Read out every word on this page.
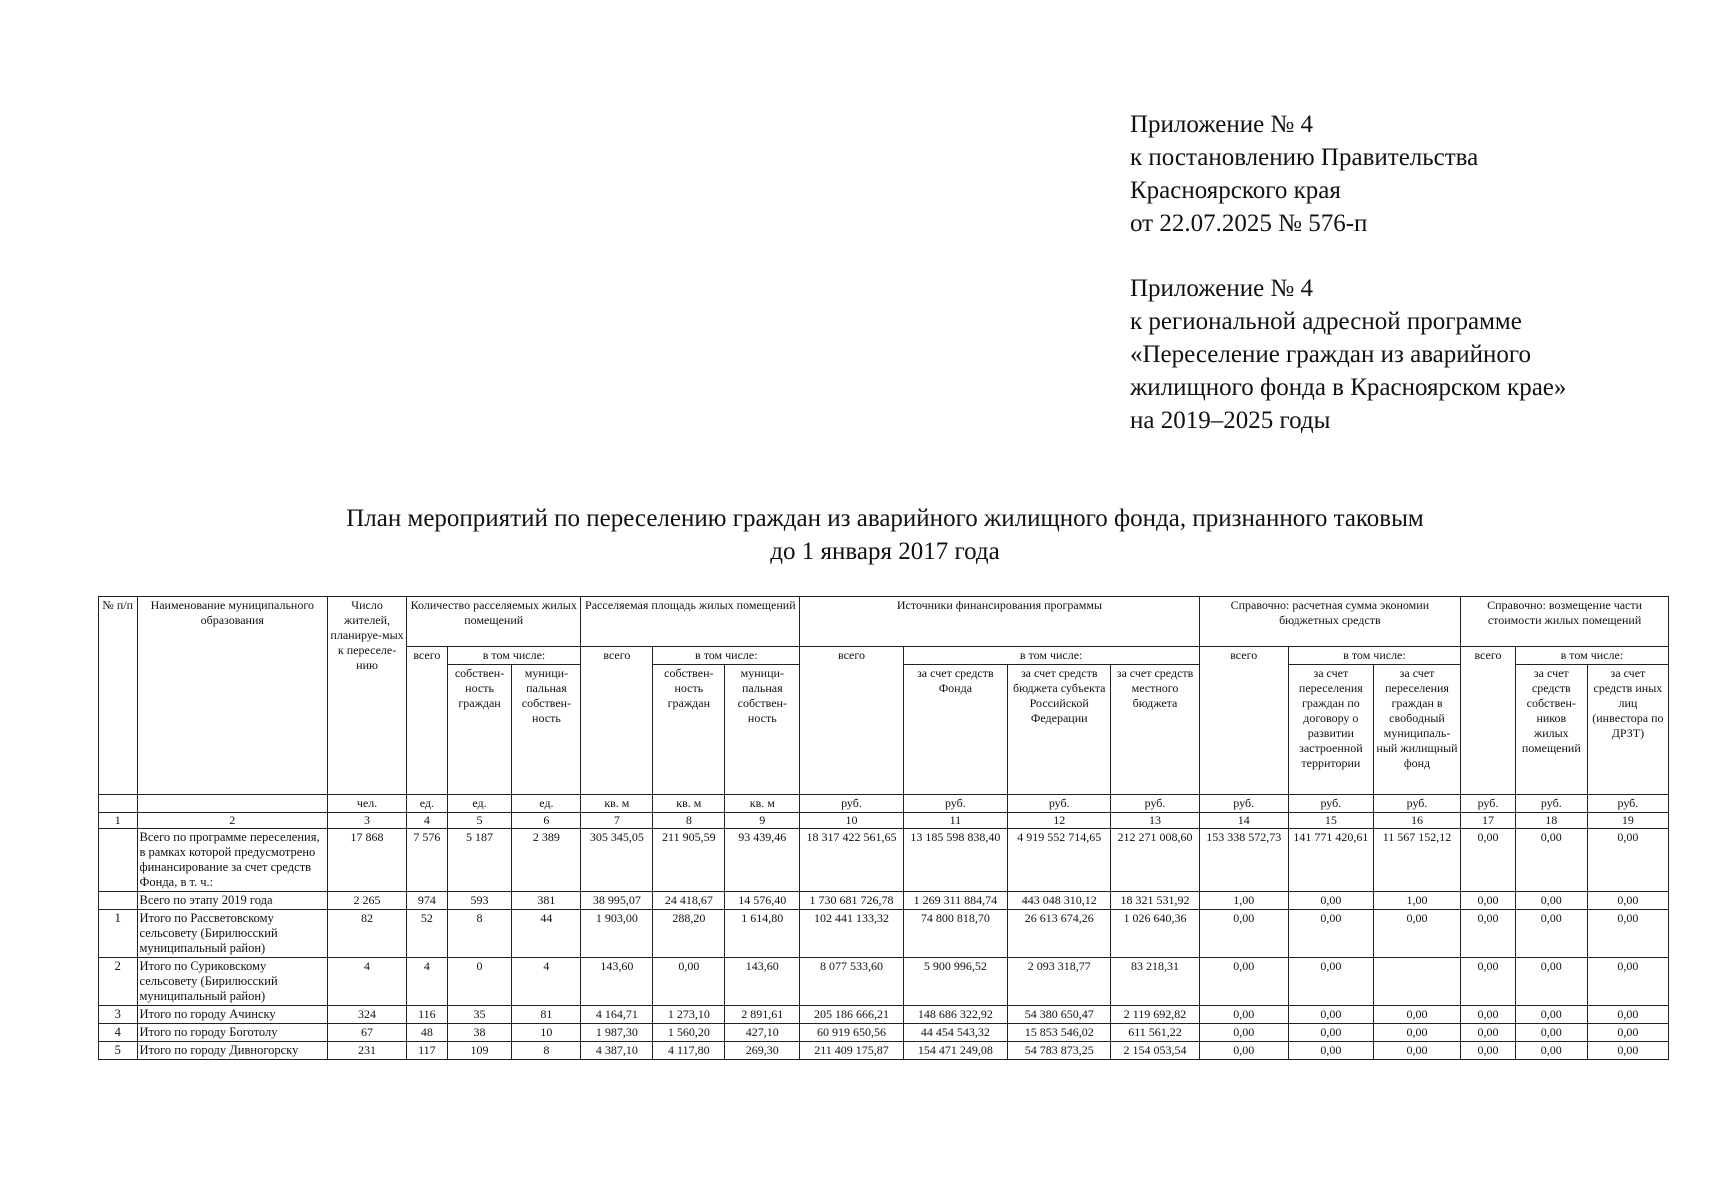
Приложение № 4
к постановлению Правительства
Красноярского края
от 22.07.2025 № 576-п
Приложение № 4
к региональной адресной программе
«Переселение граждан из аварийного
жилищного фонда в Красноярском крае»
на 2019–2025 годы
План мероприятий по переселению граждан из аварийного жилищного фонда, признанного таковым
до 1 января 2017 года
№ п/п	Наименование муниципального образования	Число жителей, планируе-мых к переселе-нию	Количество расселяемых жилых помещений			Расселяемая площадь жилых помещений			Источники финансирования программы				Справочно: расчетная сумма экономии бюджетных средств			Справочно: возмещение части стоимости жилых помещений		
			всего	в том числе:		всего	в том числе:		всего	в том числе:			всего	в том числе:		всего	в том числе:	
				собствен-ность граждан	муници-пальная собствен-ность		собствен-ность граждан	муници-пальная собствен-ность		за счет средств Фонда	за счет средств бюджета субъекта Российской Федерации	за счет средств местного бюджета		за счет переселения граждан по договору о развитии застроенной территории	за счет переселения граждан в свободный муниципаль-ный жилищный фонд		за счет средств собствен-ников жилых помещений	за счет средств иных лиц (инвестора по ДРЗТ)
		чел.	ед.	ед.	ед.	кв. м	кв. м	кв. м	руб.	руб.	руб.	руб.	руб.	руб.	руб.	руб.	руб.	руб.
1	2	3	4	5	6	7	8	9	10	11	12	13	14	15	16	17	18	19
	Всего по программе переселения, в рамках которой предусмотрено финансирование за счет средств Фонда, в т. ч.:	17 868	7 576	5 187	2 389	305 345,05	211 905,59	93 439,46	18 317 422 561,65	13 185 598 838,40	4 919 552 714,65	212 271 008,60	153 338 572,73	141 771 420,61	11 567 152,12	0,00	0,00	0,00
	Всего по этапу 2019 года	2 265	974	593	381	38 995,07	24 418,67	14 576,40	1 730 681 726,78	1 269 311 884,74	443 048 310,12	18 321 531,92	1,00	0,00	1,00	0,00	0,00	0,00
1	Итого по Рассветовскому сельсовету (Бирилюсский муниципальный район)	82	52	8	44	1 903,00	288,20	1 614,80	102 441 133,32	74 800 818,70	26 613 674,26	1 026 640,36	0,00	0,00	0,00	0,00	0,00	0,00
2	Итого по Суриковскому сельсовету (Бирилюсский муниципальный район)	4	4	0	4	143,60	0,00	143,60	8 077 533,60	5 900 996,52	2 093 318,77	83 218,31	0,00	0,00		0,00	0,00	0,00
3	Итого по городу Ачинску	324	116	35	81	4 164,71	1 273,10	2 891,61	205 186 666,21	148 686 322,92	54 380 650,47	2 119 692,82	0,00	0,00	0,00	0,00	0,00	0,00
4	Итого по городу Боготолу	67	48	38	10	1 987,30	1 560,20	427,10	60 919 650,56	44 454 543,32	15 853 546,02	611 561,22	0,00	0,00	0,00	0,00	0,00	0,00
5	Итого по городу Дивногорску	231	117	109	8	4 387,10	4 117,80	269,30	211 409 175,87	154 471 249,08	54 783 873,25	2 154 053,54	0,00	0,00	0,00	0,00	0,00	0,00
